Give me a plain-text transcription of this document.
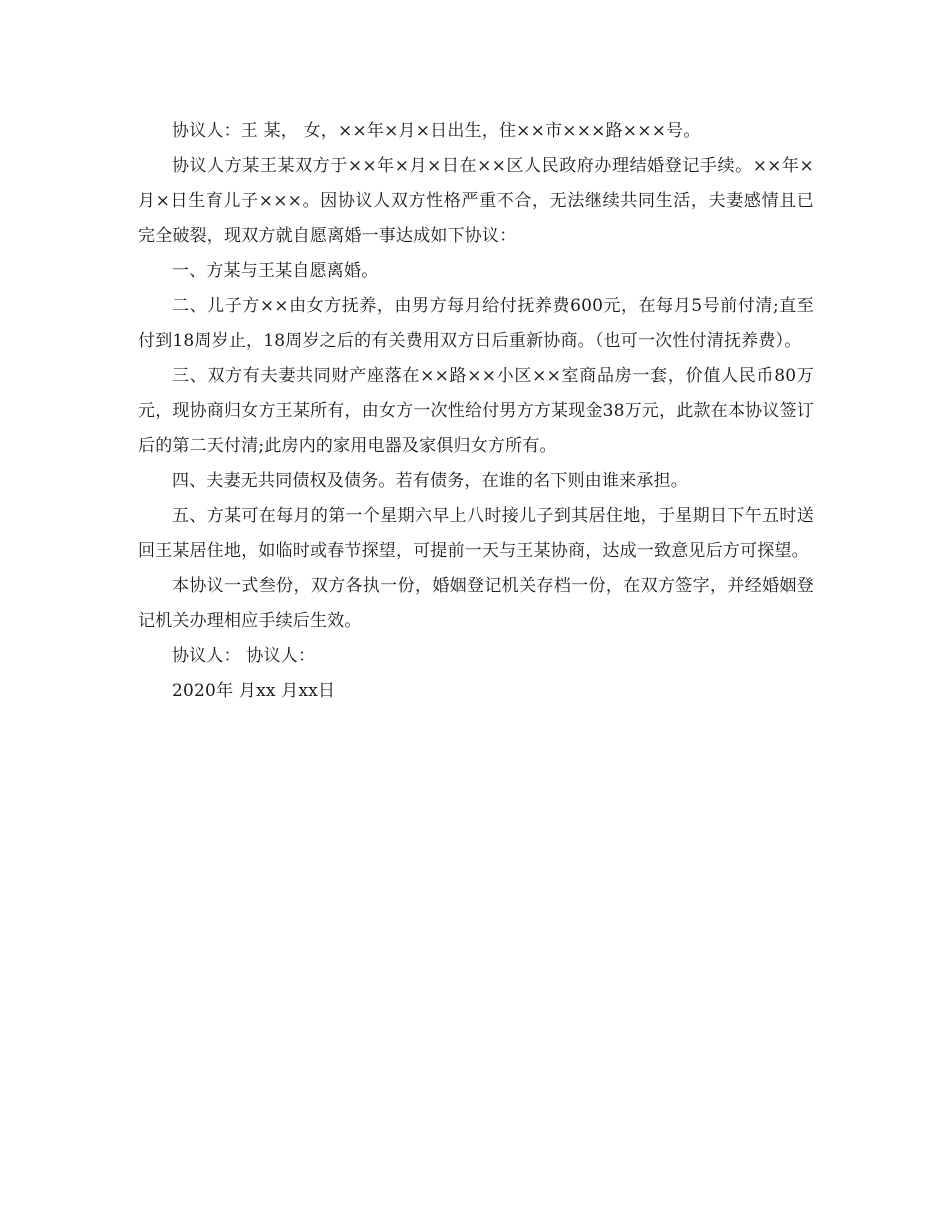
协议人：王 某， 女，××年×月×日出生，住××市×××路×××号。

协议人方某王某双方于××年×月×日在××区人民政府办理结婚登记手续。××年×月×日生育儿子×××。因协议人双方性格严重不合，无法继续共同生活，夫妻感情且已完全破裂，现双方就自愿离婚一事达成如下协议：

一、方某与王某自愿离婚。

二、儿子方××由女方抚养，由男方每月给付抚养费600元，在每月5号前付清;直至付到18周岁止，18周岁之后的有关费用双方日后重新协商。（也可一次性付清抚养费）。

三、双方有夫妻共同财产座落在××路××小区××室商品房一套，价值人民币80万元，现协商归女方王某所有，由女方一次性给付男方方某现金38万元，此款在本协议签订后的第二天付清;此房内的家用电器及家俱归女方所有。

四、夫妻无共同债权及债务。若有债务，在谁的名下则由谁来承担。

五、方某可在每月的第一个星期六早上八时接儿子到其居住地，于星期日下午五时送回王某居住地，如临时或春节探望，可提前一天与王某协商，达成一致意见后方可探望。

本协议一式叁份，双方各执一份，婚姻登记机关存档一份，在双方签字，并经婚姻登记机关办理相应手续后生效。

协议人： 协议人：

2020年 月xx 月xx日
